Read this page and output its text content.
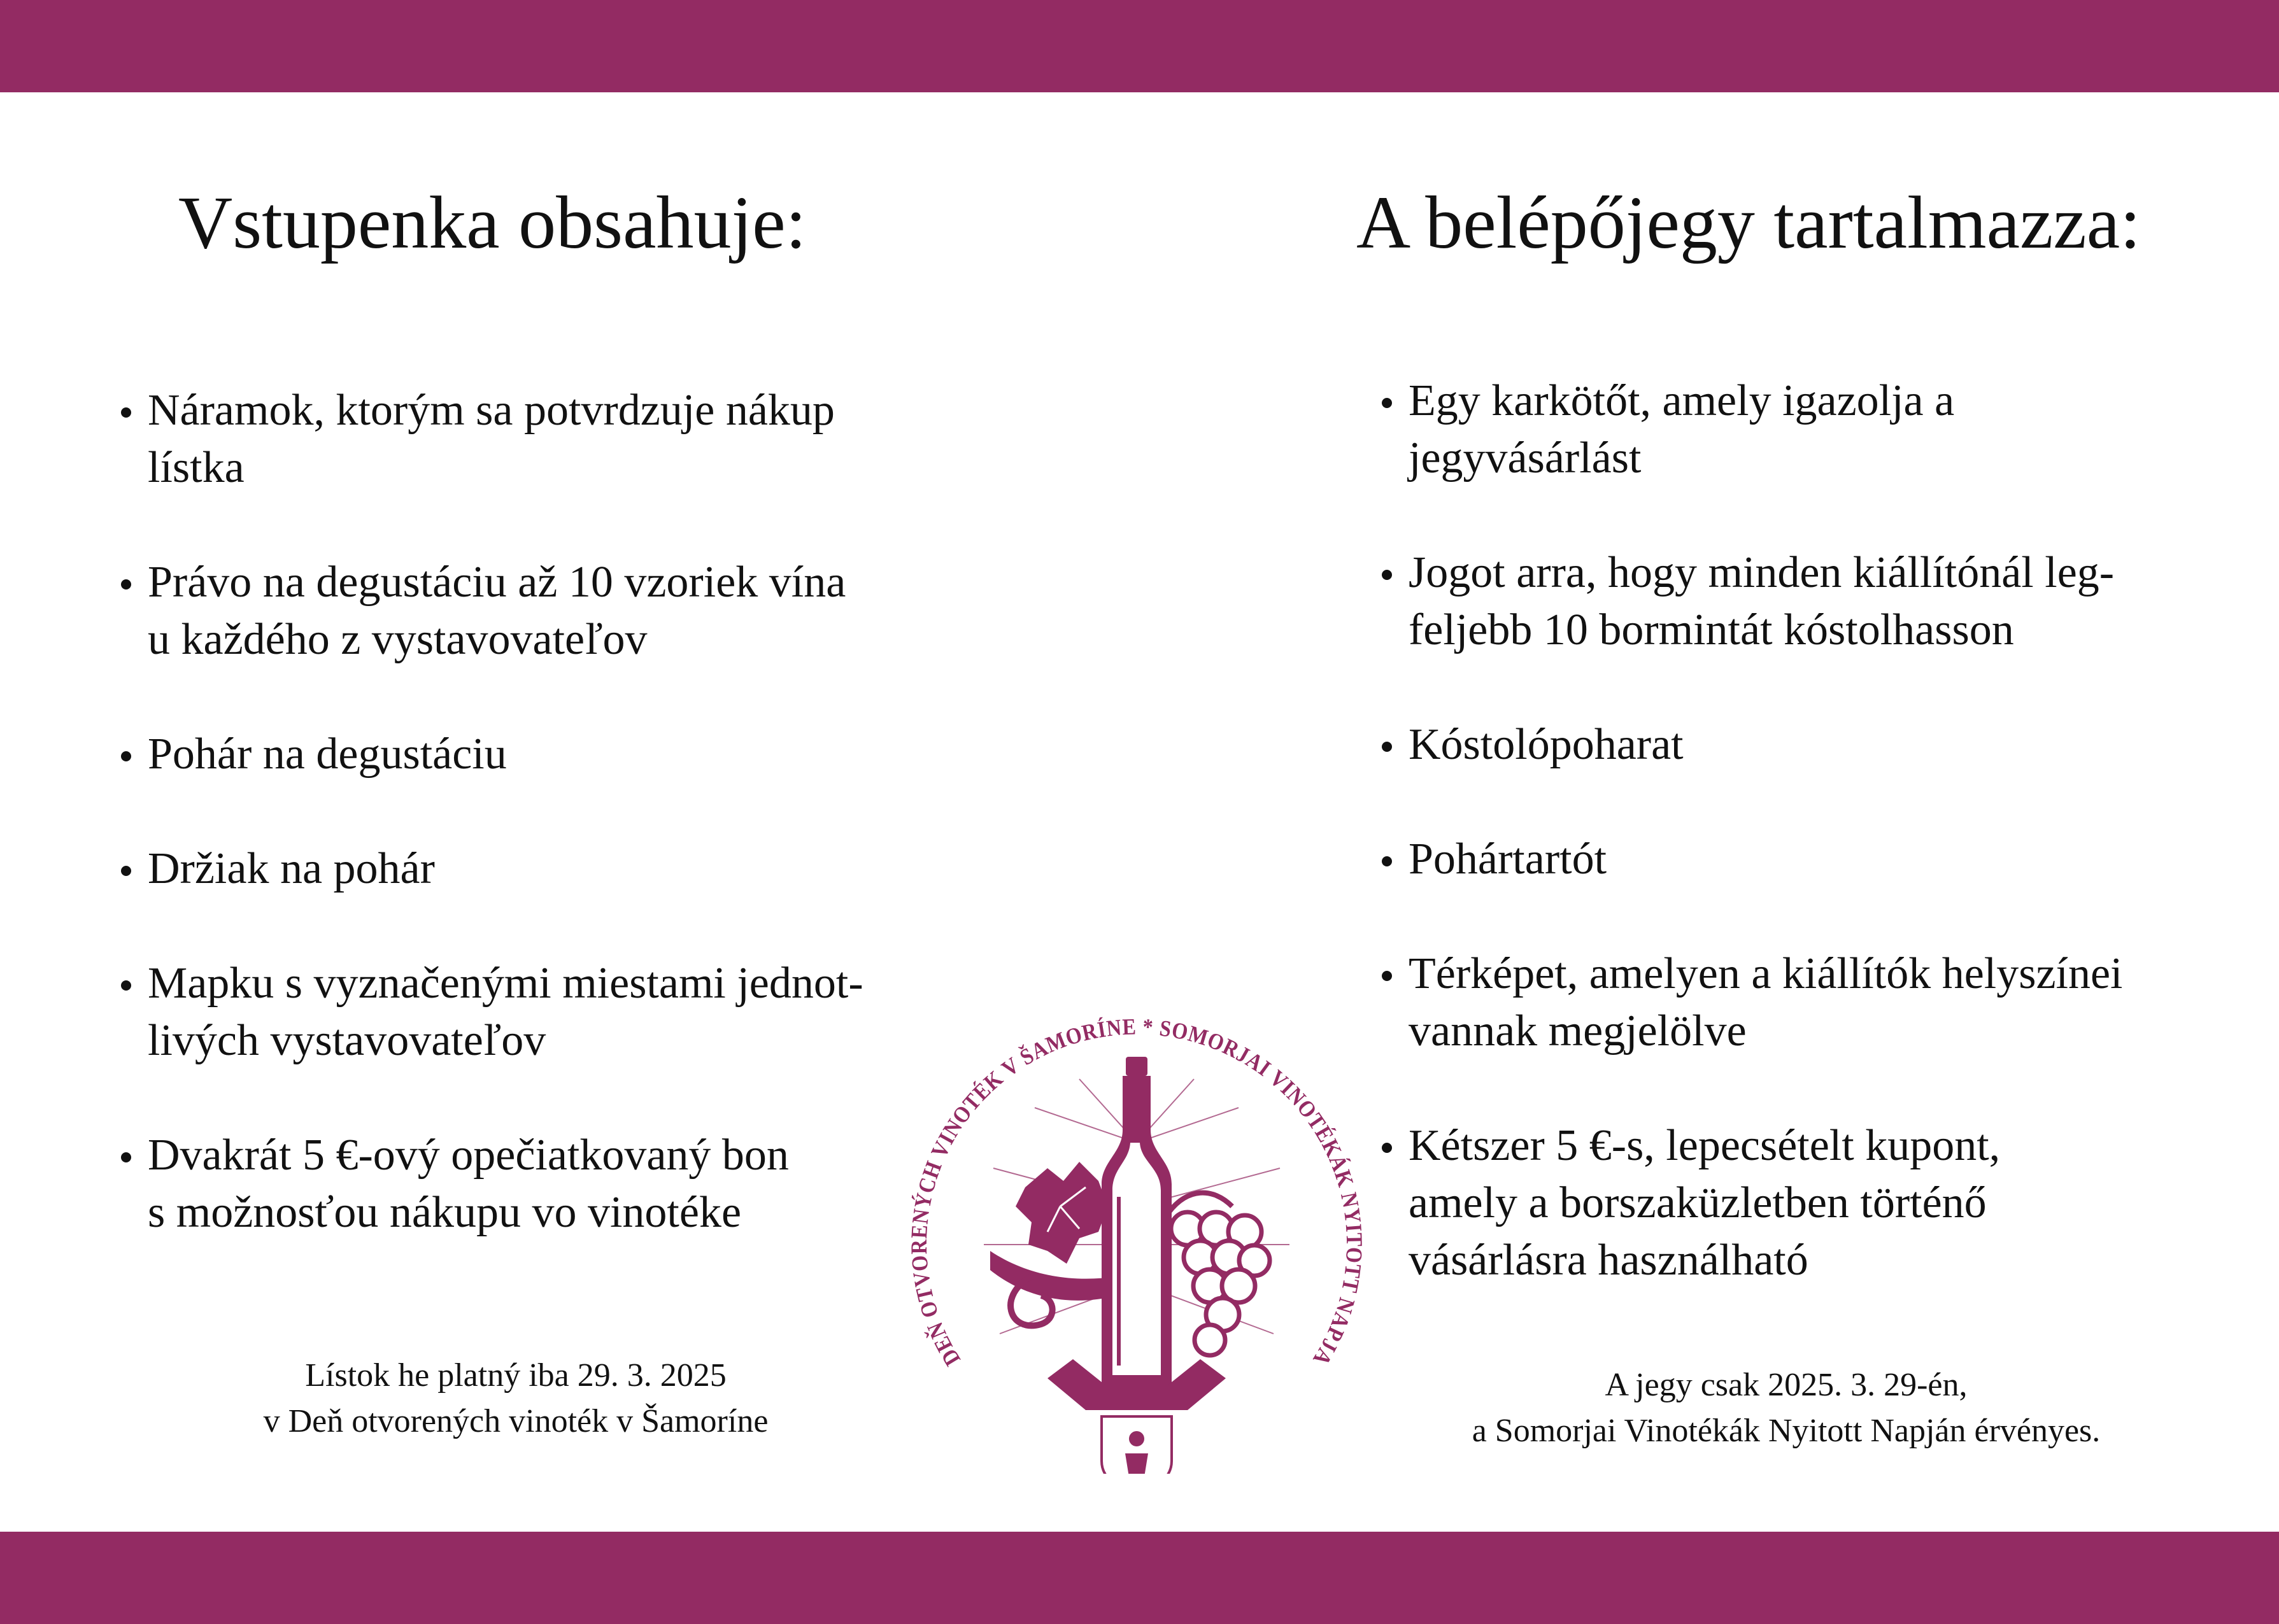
Vstupenka obsahuje:
Náramok, ktorým sa potvrdzuje nákup
lístka
Právo na degustáciu až 10 vzoriek vína
u každého z vystavovateľov
Pohár na degustáciu
Držiak na pohár
Mapku s vyznačenými miestami jednot-
livých vystavovateľov
Dvakrát 5 €-ový opečiatkovaný bon
s možnosťou nákupu vo vinotéke

Lístok he platný iba 29. 3. 2025
v Deň otvorených vinoték v Šamoríne

A belépőjegy tartalmazza:
Egy karkötőt, amely igazolja a
jegyvásárlást
Jogot arra, hogy minden kiállítónál leg-
feljebb 10 bormintát kóstolhasson
Kóstolópoharat
Pohártartót
Térképet, amelyen a kiállítók helyszínei
vannak megjelölve
Kétszer 5 €-s, lepecsételt kupont,
amely a borszaküzletben történő
vásárlásra használható

A jegy csak 2025. 3. 29-én,
a Somorjai Vinotékák Nyitott Napján érvényes.

DEŇ OTVORENÝCH VINOTÉK V ŠAMORÍNE * SOMORJAI VINOTÉKÁK NYITOTT NAPJA
